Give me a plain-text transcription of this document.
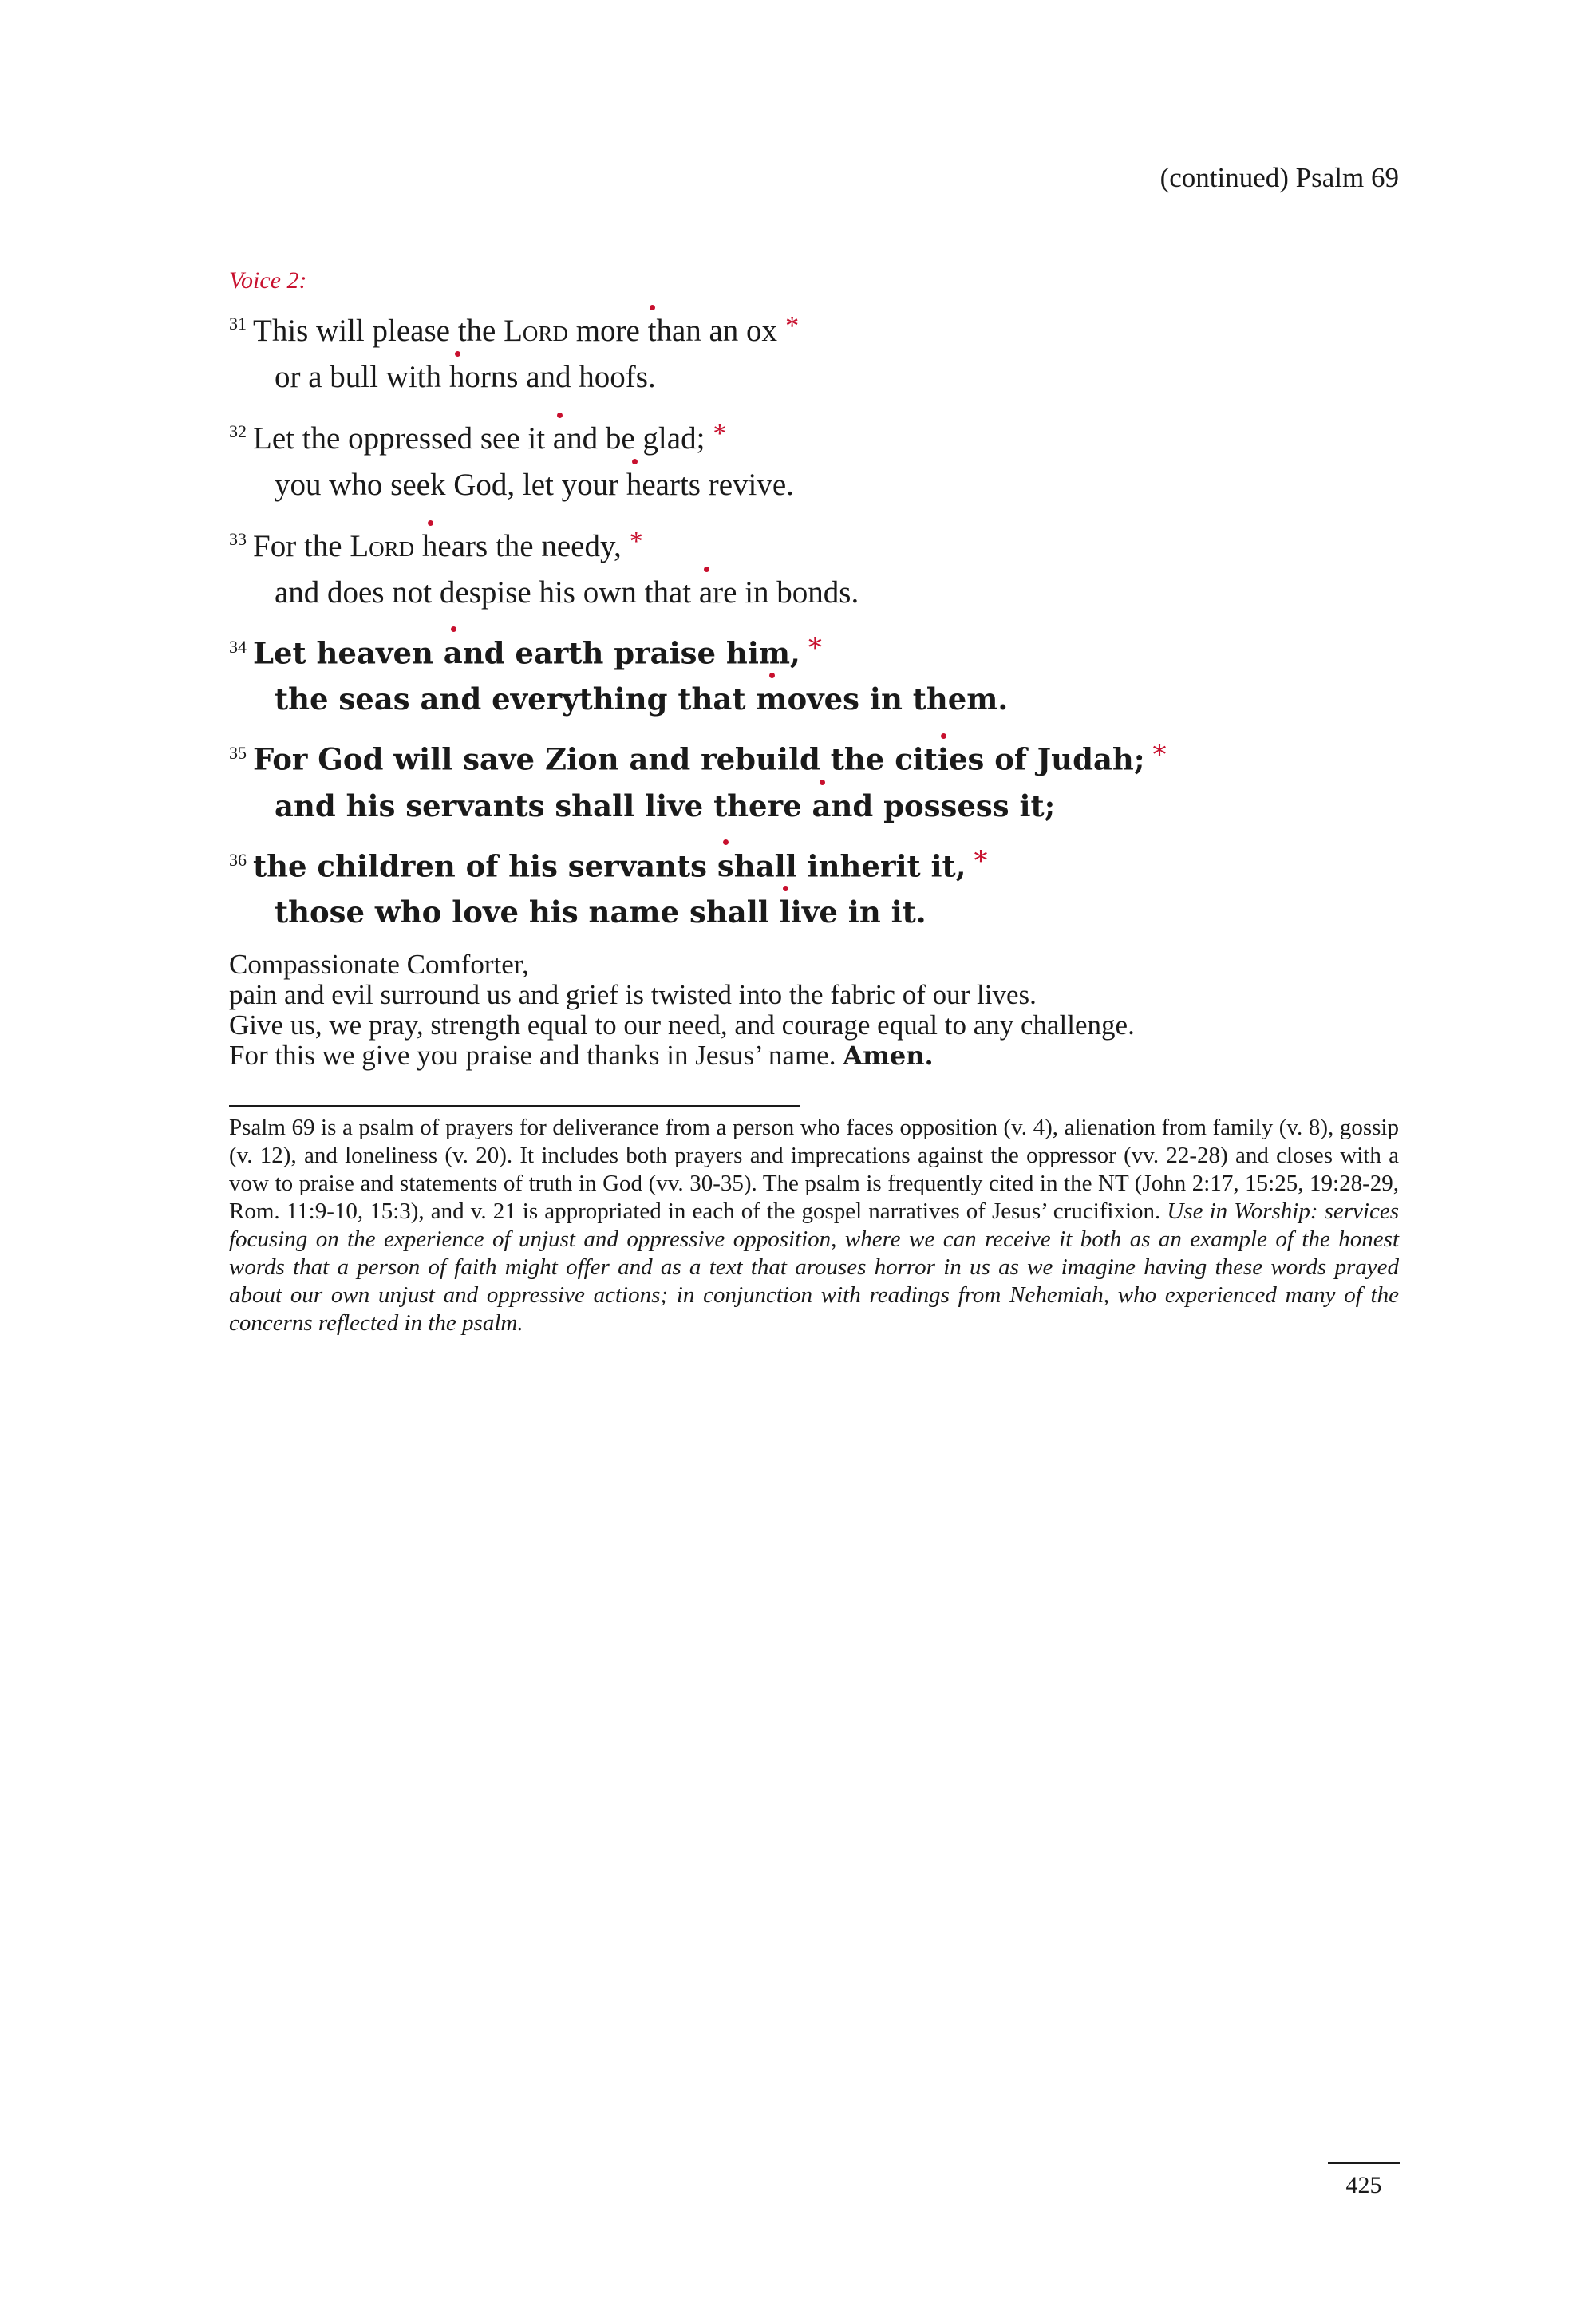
(continued) Psalm 69
Voice 2:
$^{31}$ This will please the Lord more than an ox *
or a bull with horns and hoofs.
$^{32}$ Let the oppressed see it and be glad; *
you who seek God, let your hearts revive.
$^{33}$ For the Lord hears the needy, *
and does not despise his own that are in bonds.
$^{34}$ Let heaven and earth praise him, *
the seas and everything that moves in them.
$^{35}$ For God will save Zion and rebuild the cities of Judah; *
and his servants shall live there and possess it;
$^{36}$ the children of his servants shall inherit it, *
those who love his name shall live in it.
Compassionate Comforter,
pain and evil surround us and grief is twisted into the fabric of our lives.
Give us, we pray, strength equal to our need, and courage equal to any challenge.
For this we give you praise and thanks in Jesus’ name. Amen.
Psalm 69 is a psalm of prayers for deliverance from a person who faces opposition (v. 4), alienation from family (v. 8), gossip (v. 12), and loneliness (v. 20). It includes both prayers and imprecations against the oppressor (vv. 22-28) and closes with a vow to praise and statements of truth in God (vv. 30-35). The psalm is frequently cited in the NT (John 2:17, 15:25, 19:28-29, Rom. 11:9-10, 15:3), and v. 21 is appropriated in each of the gospel narratives of Jesus’ crucifixion. Use in Worship: services focusing on the experience of unjust and oppressive opposition, where we can receive it both as an example of the honest words that a person of faith might offer and as a text that arouses horror in us as we imagine having these words prayed about our own unjust and oppressive actions; in conjunction with readings from Nehemiah, who experienced many of the concerns reflected in the psalm.
425
